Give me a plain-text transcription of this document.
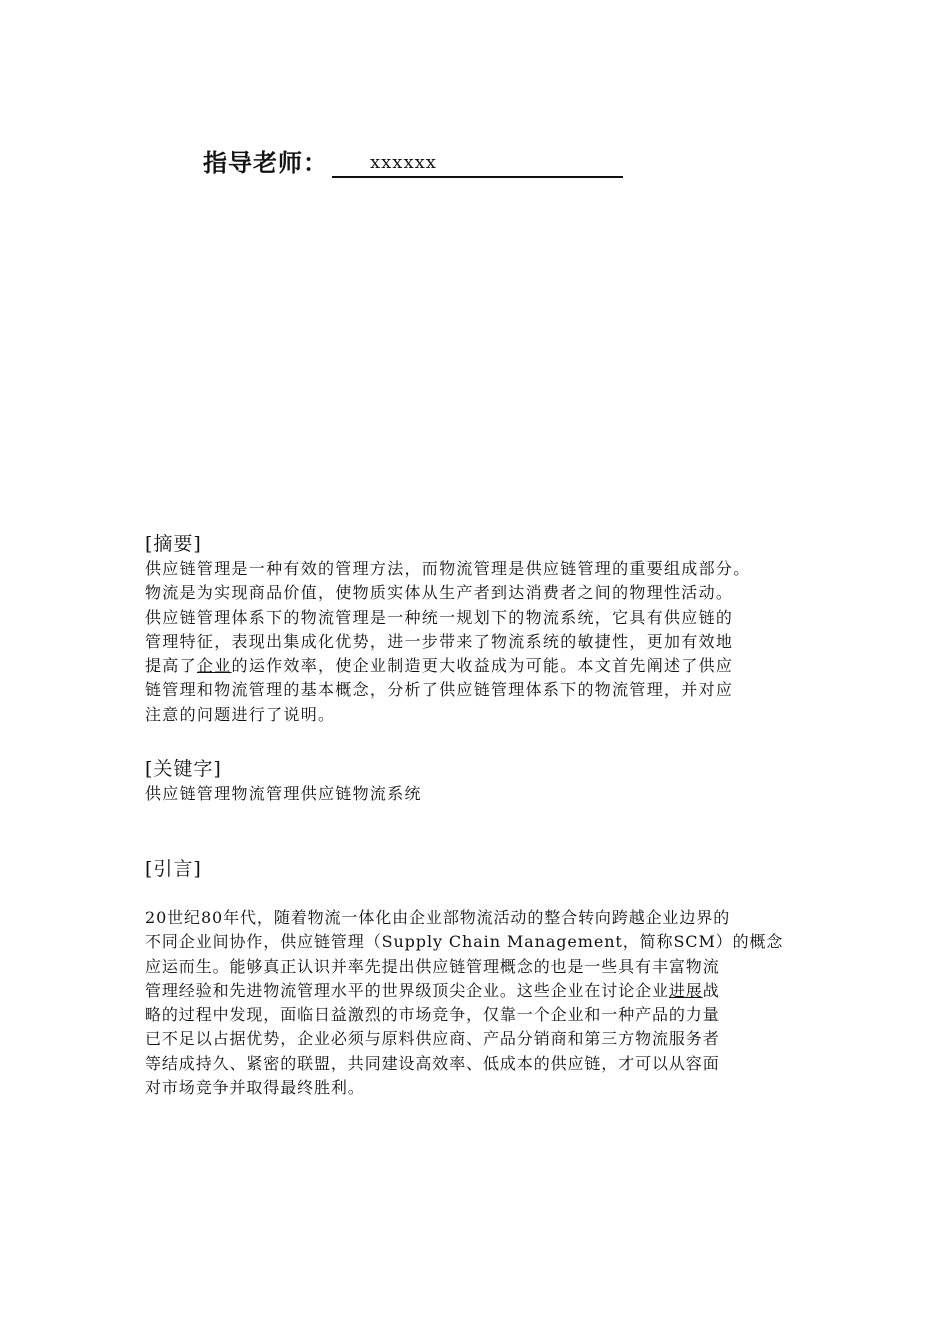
指导老师：	xxxxxx
[摘要]
供应链管理是一种有效的管理方法，而物流管理是供应链管理的重要组成部分。
物流是为实现商品价值，使物质实体从生产者到达消费者之间的物理性活动。
供应链管理体系下的物流管理是一种统一规划下的物流系统，它具有供应链的
管理特征，表现出集成化优势，进一步带来了物流系统的敏捷性，更加有效地
提高了企业的运作效率，使企业制造更大收益成为可能。本文首先阐述了供应
链管理和物流管理的基本概念，分析了供应链管理体系下的物流管理，并对应
注意的问题进行了说明。
[关键字]
供应链管理物流管理供应链物流系统
[引言]
20世纪80年代，随着物流一体化由企业部物流活动的整合转向跨越企业边界的
不同企业间协作，供应链管理（Supply Chain Management，简称SCM）的概念
应运而生。能够真正认识并率先提出供应链管理概念的也是一些具有丰富物流
管理经验和先进物流管理水平的世界级顶尖企业。这些企业在讨论企业进展战
略的过程中发现，面临日益激烈的市场竞争，仅靠一个企业和一种产品的力量
已不足以占据优势，企业必须与原料供应商、产品分销商和第三方物流服务者
等结成持久、紧密的联盟，共同建设高效率、低成本的供应链，才可以从容面
对市场竞争并取得最终胜利。
